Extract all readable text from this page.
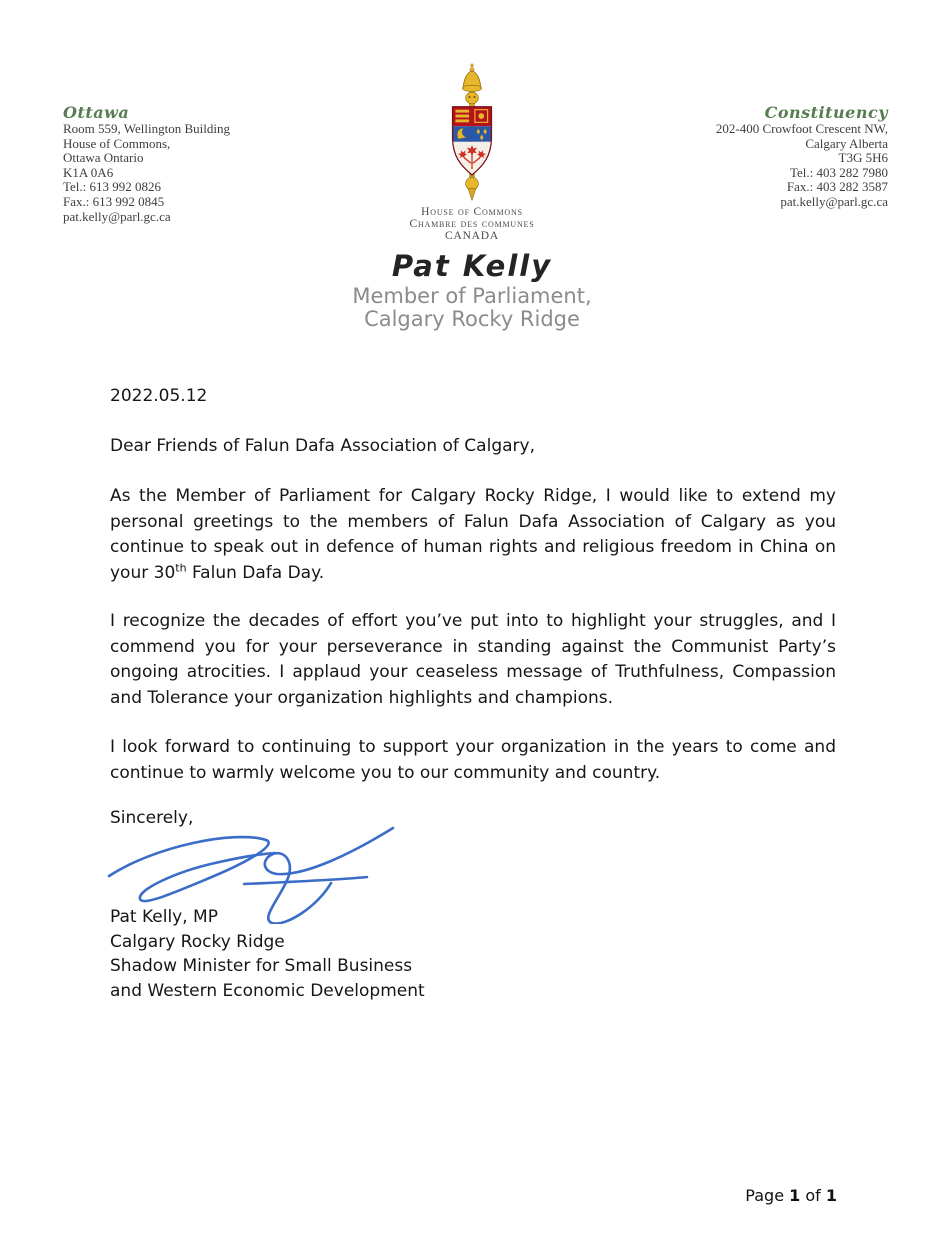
Ottawa
Room 559, Wellington Building
House of Commons,
Ottawa Ontario
K1A 0A6
Tel.: 613 992 0826
Fax.: 613 992 0845
pat.kelly@parl.gc.ca
Constituency
202-400 Crowfoot Crescent NW,
Calgary Alberta
T3G 5H6
Tel.: 403 282 7980
Fax.: 403 282 3587
pat.kelly@parl.gc.ca
House of Commons
Chambre des communes
CANADA
Pat Kelly
Member of Parliament,
Calgary Rocky Ridge
2022.05.12
Dear Friends of Falun Dafa Association of Calgary,
As the Member of Parliament for Calgary Rocky Ridge, I would like to extend my personal greetings to the members of Falun Dafa Association of Calgary as you continue to speak out in defence of human rights and religious freedom in China on your 30th Falun Dafa Day.
I recognize the decades of effort you’ve put into to highlight your struggles, and I commend you for your perseverance in standing against the Communist Party’s ongoing atrocities. I applaud your ceaseless message of Truthfulness, Compassion and Tolerance your organization highlights and champions.
I look forward to continuing to support your organization in the years to come and continue to warmly welcome you to our community and country.
Sincerely,
Pat Kelly, MP
Calgary Rocky Ridge
Shadow Minister for Small Business
and Western Economic Development
Page 1 of 1
